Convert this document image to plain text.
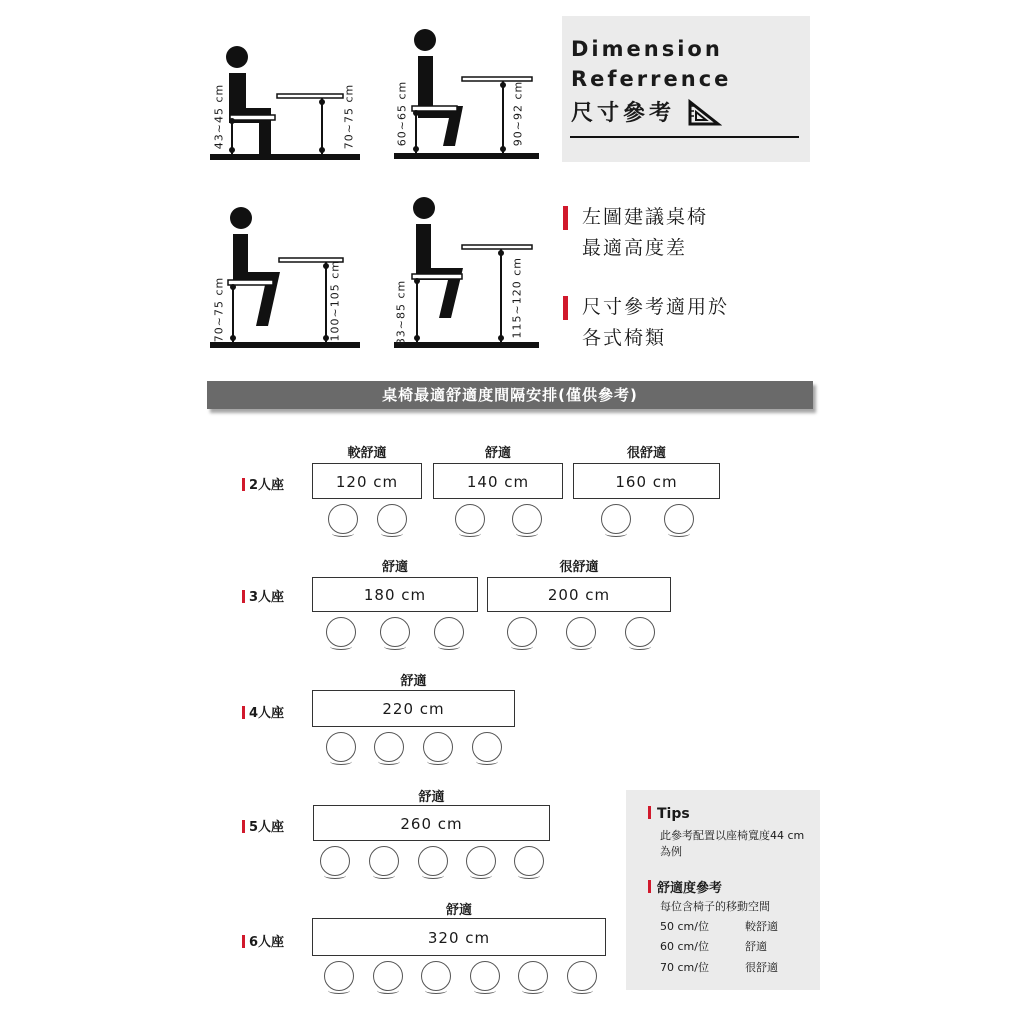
43~45 cm	70~75 cm	60~65 cm	90~92 cm
Dimension
Referrence
尺寸參考
70~75 cm	100~105 cm	83~85 cm	115~120 cm
左圖建議桌椅
最適高度差
尺寸參考適用於
各式椅類
桌椅最適舒適度間隔安排(僅供參考)
2人座
3人座
4人座
5人座
6人座
較舒適
120 cm
舒適
140 cm
很舒適
160 cm
舒適
180 cm
很舒適
200 cm
舒適
220 cm
舒適
260 cm
舒適
320 cm
Tips
此參考配置以座椅寬度44 cm為例
舒適度參考
每位含椅子的移動空間
50 cm/位	較舒適
60 cm/位	舒適
70 cm/位	很舒適
